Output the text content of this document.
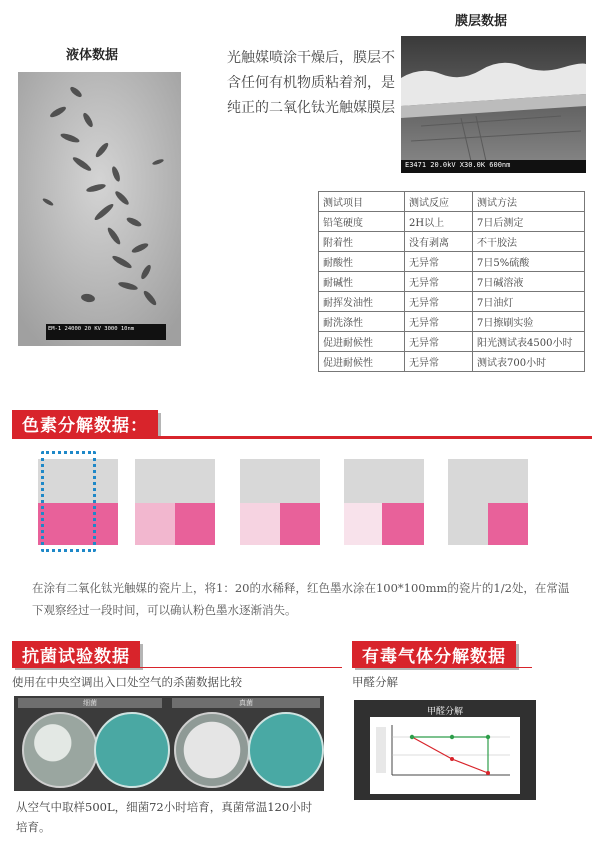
液体数据
EM-1 24000 20 KV 3000 10nm
膜层数据
光触媒喷涂干燥后，膜层不含任何有机物质粘着剂，是纯正的二氧化钛光触媒膜层
E3471 20.0kV X30.0K 600nm
测试项目	测试反应	测试方法
铅笔硬度	2H以上	7日后测定
附着性	没有剥离	不干胶法
耐酸性	无异常	7日5%硫酸
耐碱性	无异常	7日碱溶液
耐挥发油性	无异常	7日油灯
耐洗涤性	无异常	7日擦刷实验
促进耐候性	无异常	阳光测试表4500小时
促进耐候性	无异常	测试表700小时
色素分解数据：
在涂有二氧化钛光触媒的瓷片上，将1：20的水稀释，红色墨水涂在100*100mm的瓷片的1/2处，在常温下观察经过一段时间，可以确认粉色墨水逐渐消失。
抗菌试验数据
使用在中央空调出入口处空气的杀菌数据比较
细菌	真菌
从空气中取样500L，细菌72小时培育，真菌常温120小时培育。
有毒气体分解数据
甲醛分解
甲醛分解
